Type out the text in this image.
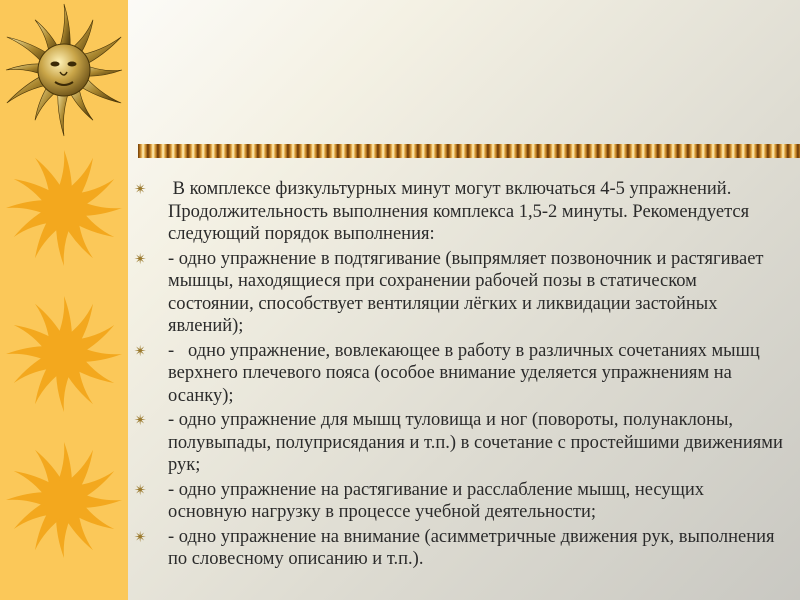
✴ В комплексе физкультурных минут могут включаться 4-5 упражнений. Продолжительность выполнения комплекса 1,5-2 минуты. Рекомендуется следующий порядок выполнения:
✴ - одно упражнение в подтягивание (выпрямляет позвоночник и растягивает мышцы, находящиеся при сохранении рабочей позы в статическом состоянии, способствует вентиляции лёгких и ликвидации застойных явлений);
✴ -   одно упражнение, вовлекающее в работу в различных сочетаниях мышц верхнего плечевого пояса (особое внимание уделяется упражнениям на осанку);
✴ - одно упражнение для мышц туловища и ног (повороты, полунаклоны, полувыпады, полуприсядания и т.п.) в сочетание с простейшими движениями рук;
✴ - одно упражнение на растягивание и расслабление мышц, несущих основную нагрузку в процессе учебной деятельности;
✴ - одно упражнение на внимание (асимметричные движения рук, выполнения по словесному описанию и т.п.).
